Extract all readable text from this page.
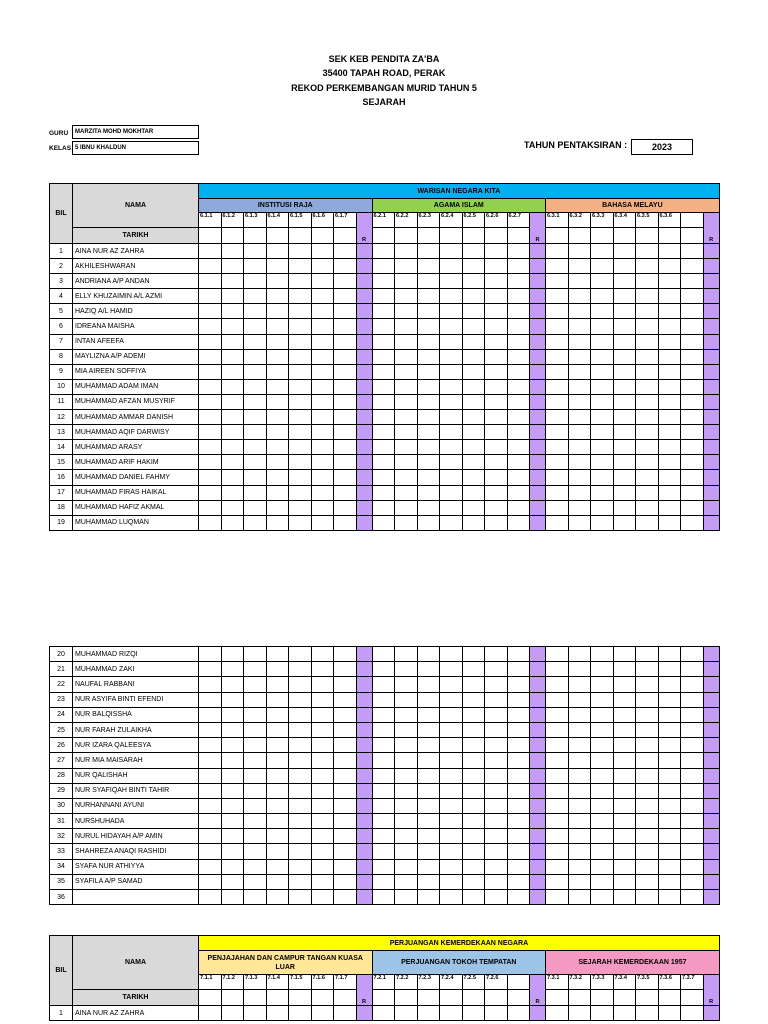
SEK KEB PENDITA ZA'BA
35400 TAPAH ROAD, PERAK
REKOD PERKEMBANGAN MURID TAHUN 5
SEJARAH
GURU	MARZITA MOHD MOKHTAR
KELAS 5 IBNU KHALDUN	TAHUN PENTAKSIRAN :	2023
BIL	NAMA	WARISAN NEGARA KITA																							
		INSTITUSI RAJA								AGAMA ISLAM								BAHASA MELAYU							
		6.1.1	6.1.2	6.1.3	6.1.4	6.1.5	6.1.6	6.1.7	R	6.2.1	6.2.2	6.2.3	6.2.4	6.2.5	6.2.6	6.2.7	R	6.3.1	6.3.2	6.3.3	6.3.4	6.3.5	6.3.6		R
	TARIKH																								
1	AINA NUR AZ ZAHRA																								
2	AKHILESHWARAN																								
3	ANDRIANA A/P ANDAN																								
4	ELLY KHUZAIMIN A/L AZMI																								
5	HAZIQ A/L HAMID																								
6	IDREANA MAISHA																								
7	INTAN AFEEFA																								
8	MAYLIZNA A/P ADEMI																								
9	MIA AIREEN SOFFIYA																								
10	MUHAMMAD ADAM IMAN																								
11	MUHAMMAD AFZAN MUSYRIF																								
12	MUHAMMAD AMMAR DANISH																								
13	MUHAMMAD AQIF DARWISY																								
14	MUHAMMAD ARASY																								
15	MUHAMMAD ARIF HAKIM																								
16	MUHAMMAD DANIEL FAHMY																								
17	MUHAMMAD FIRAS HAIKAL																								
18	MUHAMMAD HAFIZ AKMAL																								
19	MUHAMMAD LUQMAN																								
20	MUHAMMAD RIZQI																								
21	MUHAMMAD ZAKI																								
22	NAUFAL RABBANI																								
23	NUR ASYIFA BINTI EFENDI																								
24	NUR BALQISSHA																								
25	NUR FARAH ZULAIKHA																								
26	NUR IZARA QALEESYA																								
27	NUR MIA MAISARAH																								
28	NUR QALISHAH																								
29	NUR SYAFIQAH BINTI TAHIR																								
30	NURHANNANI AYUNI																								
31	NURSHUHADA																								
32	NURUL HIDAYAH A/P AMIN																								
33	SHAHREZA ANAQI RASHIDI																								
34	SYAFA NUR ATHIYYA																								
35	SYAFILA A/P SAMAD																								
36																									
BIL	NAMA	PERJUANGAN KEMERDEKAAN NEGARA																							
		PENJAJAHAN DAN CAMPUR TANGAN KUASA LUAR								PERJUANGAN TOKOH TEMPATAN								SEJARAH KEMERDEKAAN 1957							
		7.1.1	7.1.2	7.1.3	7.1.4	7.1.5	7.1.6	7.1.7	R	7.2.1	7.2.2	7.2.3	7.2.4	7.2.5	7.2.6		R	7.3.1	7.3.2	7.3.3	7.3.4	7.3.5	7.3.6	7.3.7	R
	TARIKH																								
1	AINA NUR AZ ZAHRA																								
